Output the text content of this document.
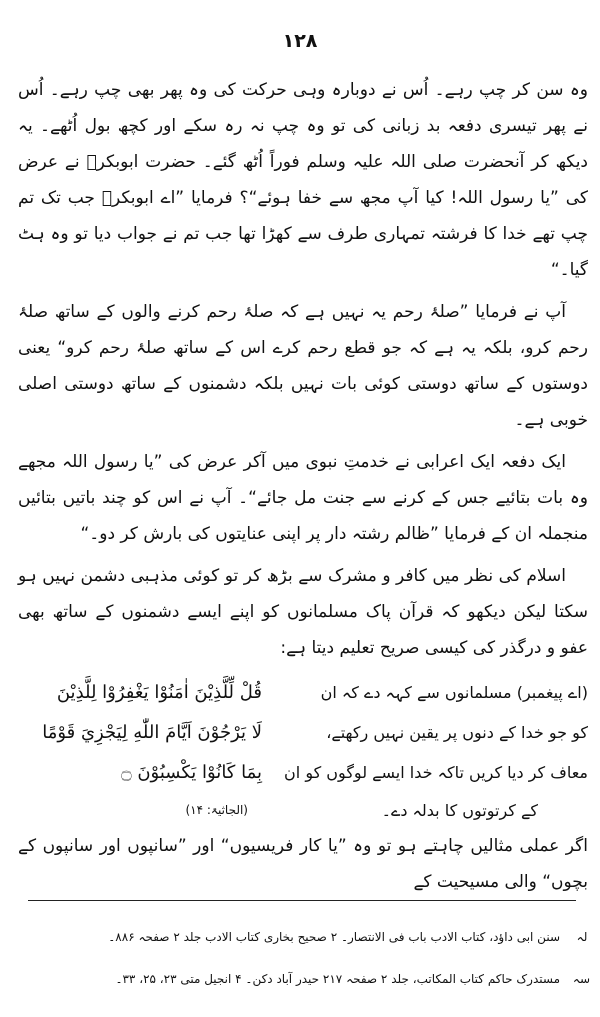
۱۲۸

وہ سن کر چپ رہے۔ اُس نے دوبارہ وہی حرکت کی وہ پھر بھی چپ رہے۔ اُس نے پھر تیسری دفعہ بد زبانی کی تو وہ چپ نہ رہ سکے اور کچھ بول اُٹھے۔ یہ دیکھ کر آنحضرت صلی اللہ علیہ وسلم فوراً اُٹھ گئے۔ حضرت ابوبکرؓ نے عرض کی ”یا رسول اللہ! کیا آپ مجھ سے خفا ہوئے“؟ فرمایا ”اے ابوبکرؓ جب تک تم چپ تھے خدا کا فرشتہ تمہاری طرف سے کھڑا تھا جب تم نے جواب دیا تو وہ ہٹ گیا۔“

آپ نے فرمایا ”صلۂ رحم یہ نہیں ہے کہ صلۂ رحم کرنے والوں کے ساتھ صلۂ رحم کرو، بلکہ یہ ہے کہ جو قطع رحم کرے اس کے ساتھ صلۂ رحم کرو“ یعنی دوستوں کے ساتھ دوستی کوئی بات نہیں بلکہ دشمنوں کے ساتھ دوستی اصلی خوبی ہے۔

ایک دفعہ ایک اعرابی نے خدمتِ نبوی میں آکر عرض کی ”یا رسول اللہ مجھے وہ بات بتائیے جس کے کرنے سے جنت مل جائے“۔ آپ نے اس کو چند باتیں بتائیں منجملہ ان کے فرمایا ”ظالم رشتہ دار پر اپنی عنایتوں کی بارش کر دو۔“

اسلام کی نظر میں کافر و مشرک سے بڑھ کر تو کوئی مذہبی دشمن نہیں ہو سکتا لیکن دیکھو کہ قرآن پاک مسلمانوں کو اپنے ایسے دشمنوں کے ساتھ بھی عفو و درگذر کی کیسی صریح تعلیم دیتا ہے:

(اے پیغمبر) مسلمانوں سے کہہ دے کہ ان
قُلْ لِّلَّذِيْنَ اٰمَنُوْا يَغْفِرُوْا لِلَّذِيْنَ
کو جو خدا کے دنوں پر یقین نہیں رکھتے،
لَا يَرْجُوْنَ اَيَّامَ اللّٰهِ لِيَجْزِيَ قَوْمًا
معاف کر دیا کریں تاکہ خدا ایسے لوگوں کو ان
بِمَا كَانُوْا يَكْسِبُوْنَ ۝
کے کرتوتوں کا بدلہ دے۔
(الجاثیۃ: ۱۴)

اگر عملی مثالیں چاہتے ہو تو وہ ”یا کار فریسیوں“ اور ”سانپوں اور سانپوں کے بچوں“ والی مسیحیت کے

لہ
سنن ابی داؤد، کتاب الادب باب فی الانتصار۔ ۲ صحیح بخاری کتاب الادب جلد ۲ صفحہ ۸۸۶۔
سہ
مستدرک حاکم کتاب المکاتب، جلد ۲ صفحہ ۲۱۷ حیدر آباد دکن۔ ۴ انجیل متی ۲۳، ۲۵، ۳۳۔
